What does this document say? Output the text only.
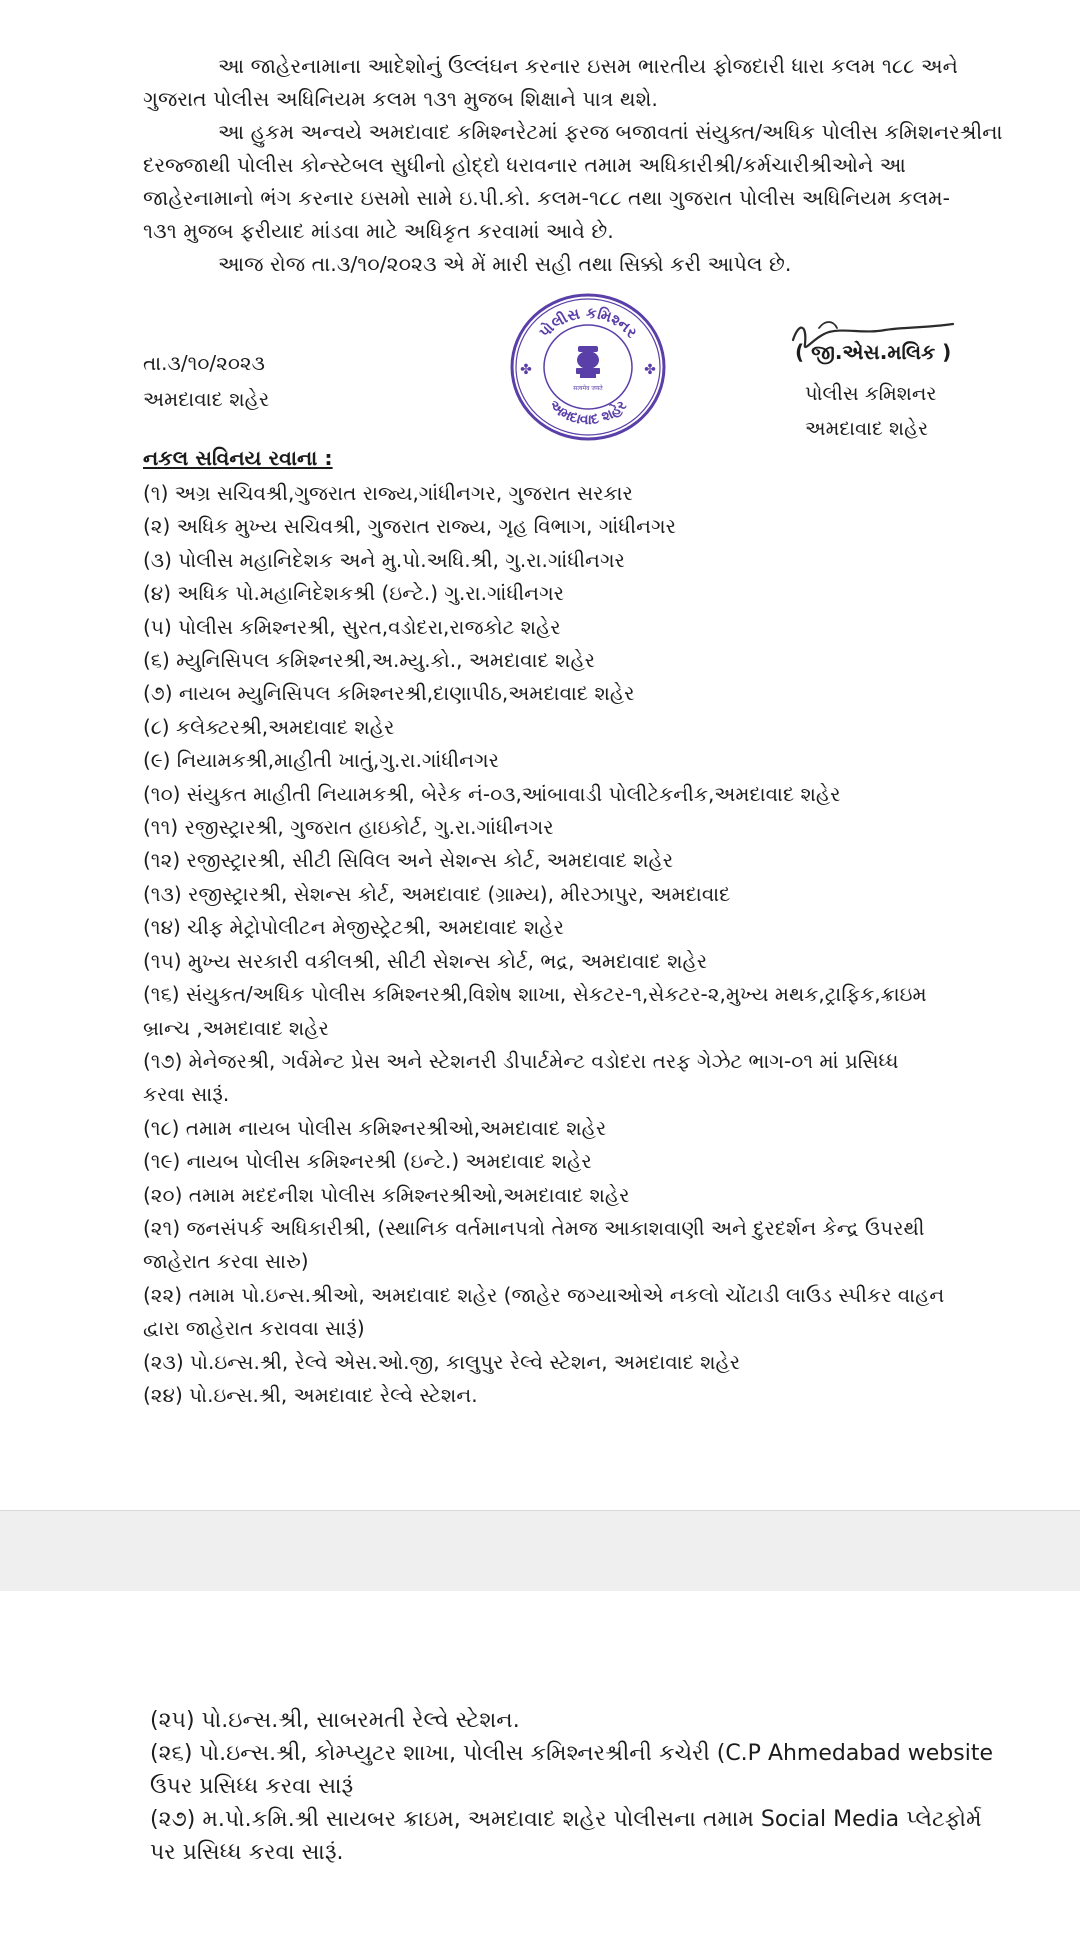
આ જાહેરનામાના આદેશોનું ઉલ્લંઘન કરનાર ઇસમ ભારતીય ફોજદારી ધારા કલમ ૧૮૮ અને

ગુજરાત પોલીસ અધિનિયમ કલમ ૧૩૧ મુજબ શિક્ષાને પાત્ર થશે.

આ હુકમ અન્વયે અમદાવાદ કમિશ્નરેટમાં ફરજ બજાવતાં સંયુક્ત/અધિક પોલીસ કમિશનરશ્રીના

દરજ્જાથી પોલીસ કોન્સ્ટેબલ સુધીનો હોદ્દો ધરાવનાર તમામ અધિકારીશ્રી/કર્મચારીશ્રીઓને આ

જાહેરનામાનો ભંગ કરનાર ઇસમો સામે ઇ.પી.કો. કલમ-૧૮૮ તથા ગુજરાત પોલીસ અધિનિયમ કલમ-

૧૩૧ મુજબ ફરીયાદ માંડવા માટે અધિકૃત કરવામાં આવે છે.

આજ રોજ તા.૩/૧૦/૨૦૨૩ એ મેં મારી સહી તથા સિક્કો કરી આપેલ છે.

તા.૩/૧૦/૨૦૨૩
અમદાવાદ શહેર
પોલીસ કમિશ્નર
અમદાવાદ શહેર
सत्यमेव जयते
✤	✤
( જી.એસ.મલિક )
પોલીસ કમિશનર
અમદાવાદ શહેર
નકલ સવિનય રવાના :
(૧) અગ્ર સચિવશ્રી,ગુજરાત રાજ્ય,ગાંધીનગર, ગુજરાત સરકાર
(૨) અધિક મુખ્ય સચિવશ્રી, ગુજરાત રાજ્ય, ગૃહ વિભાગ, ગાંધીનગર
(૩) પોલીસ મહાનિદેશક અને મુ.પો.અધિ.શ્રી, ગુ.રા.ગાંધીનગર
(૪) અધિક પો.મહાનિદેશકશ્રી (ઇન્ટે.) ગુ.રા.ગાંધીનગર
(૫) પોલીસ કમિશ્નરશ્રી, સુરત,વડોદરા,રાજકોટ શહેર
(૬) મ્યુનિસિપલ કમિશ્નરશ્રી,અ.મ્યુ.કો., અમદાવાદ શહેર
(૭) નાયબ મ્યુનિસિપલ કમિશ્નરશ્રી,દાણાપીઠ,અમદાવાદ શહેર
(૮) કલેક્ટરશ્રી,અમદાવાદ શહેર
(૯) નિયામકશ્રી,માહીતી ખાતું,ગુ.રા.ગાંધીનગર
(૧૦) સંયુકત માહીતી નિયામકશ્રી, બેરેક નં-૦૩,આંબાવાડી પોલીટેકનીક,અમદાવાદ શહેર
(૧૧) રજીસ્ટ્રારશ્રી, ગુજરાત હાઇકોર્ટ, ગુ.રા.ગાંધીનગર
(૧૨) રજીસ્ટ્રારશ્રી, સીટી સિવિલ અને સેશન્સ કોર્ટ, અમદાવાદ શહેર
(૧૩) રજીસ્ટ્રારશ્રી, સેશન્સ કોર્ટ, અમદાવાદ (ગ્રામ્ય), મીરઝાપુર, અમદાવાદ
(૧૪) ચીફ મેટ્રોપોલીટન મેજીસ્ટ્રેટશ્રી, અમદાવાદ શહેર
(૧૫) મુખ્ય સરકારી વકીલશ્રી, સીટી સેશન્સ કોર્ટ, ભદ્ર, અમદાવાદ શહેર
(૧૬) સંયુકત/અધિક પોલીસ કમિશ્નરશ્રી,વિશેષ શાખા, સેકટર-૧,સેકટર-૨,મુખ્ય મથક,ટ્રાફિક,ક્રાઇમ
બ્રાન્ચ ,અમદાવાદ શહેર
(૧૭) મેનેજરશ્રી, ગર્વમેન્ટ પ્રેસ અને સ્ટેશનરી ડીપાર્ટમેન્ટ વડોદરા તરફ ગેઝેટ ભાગ-૦૧ માં પ્રસિધ્ધ
કરવા સારૂં.
(૧૮) તમામ નાયબ પોલીસ કમિશ્નરશ્રીઓ,અમદાવાદ શહેર
(૧૯) નાયબ પોલીસ કમિશ્નરશ્રી (ઇન્ટે.) અમદાવાદ શહેર
(૨૦) તમામ મદદનીશ પોલીસ કમિશ્નરશ્રીઓ,અમદાવાદ શહેર
(૨૧) જનસંપર્ક અધિકારીશ્રી, (સ્થાનિક વર્તમાનપત્રો તેમજ આકાશવાણી અને દુરદર્શન કેન્દ્ર ઉપરથી
જાહેરાત કરવા સારુ)
(૨૨) તમામ પો.ઇન્સ.શ્રીઓ, અમદાવાદ શહેર (જાહેર જગ્યાઓએ નકલો ચોંટાડી લાઉડ સ્પીકર વાહન
દ્વારા જાહેરાત કરાવવા સારૂં)
(૨૩) પો.ઇન્સ.શ્રી, રેલ્વે એસ.ઓ.જી, કાલુપુર રેલ્વે સ્ટેશન, અમદાવાદ શહેર
(૨૪) પો.ઇન્સ.શ્રી, અમદાવાદ રેલ્વે સ્ટેશન.
(૨૫) પો.ઇન્સ.શ્રી, સાબરમતી રેલ્વે સ્ટેશન.
(૨૬) પો.ઇન્સ.શ્રી, કોમ્પ્યુટર શાખા, પોલીસ કમિશ્નરશ્રીની કચેરી (C.P Ahmedabad website
ઉપર પ્રસિધ્ધ કરવા સારૂં
(૨૭) મ.પો.કમિ.શ્રી સાયબર ક્રાઇમ, અમદાવાદ શહેર પોલીસના તમામ Social Media પ્લેટફોર્મ
પર પ્રસિધ્ધ કરવા સારૂં.
